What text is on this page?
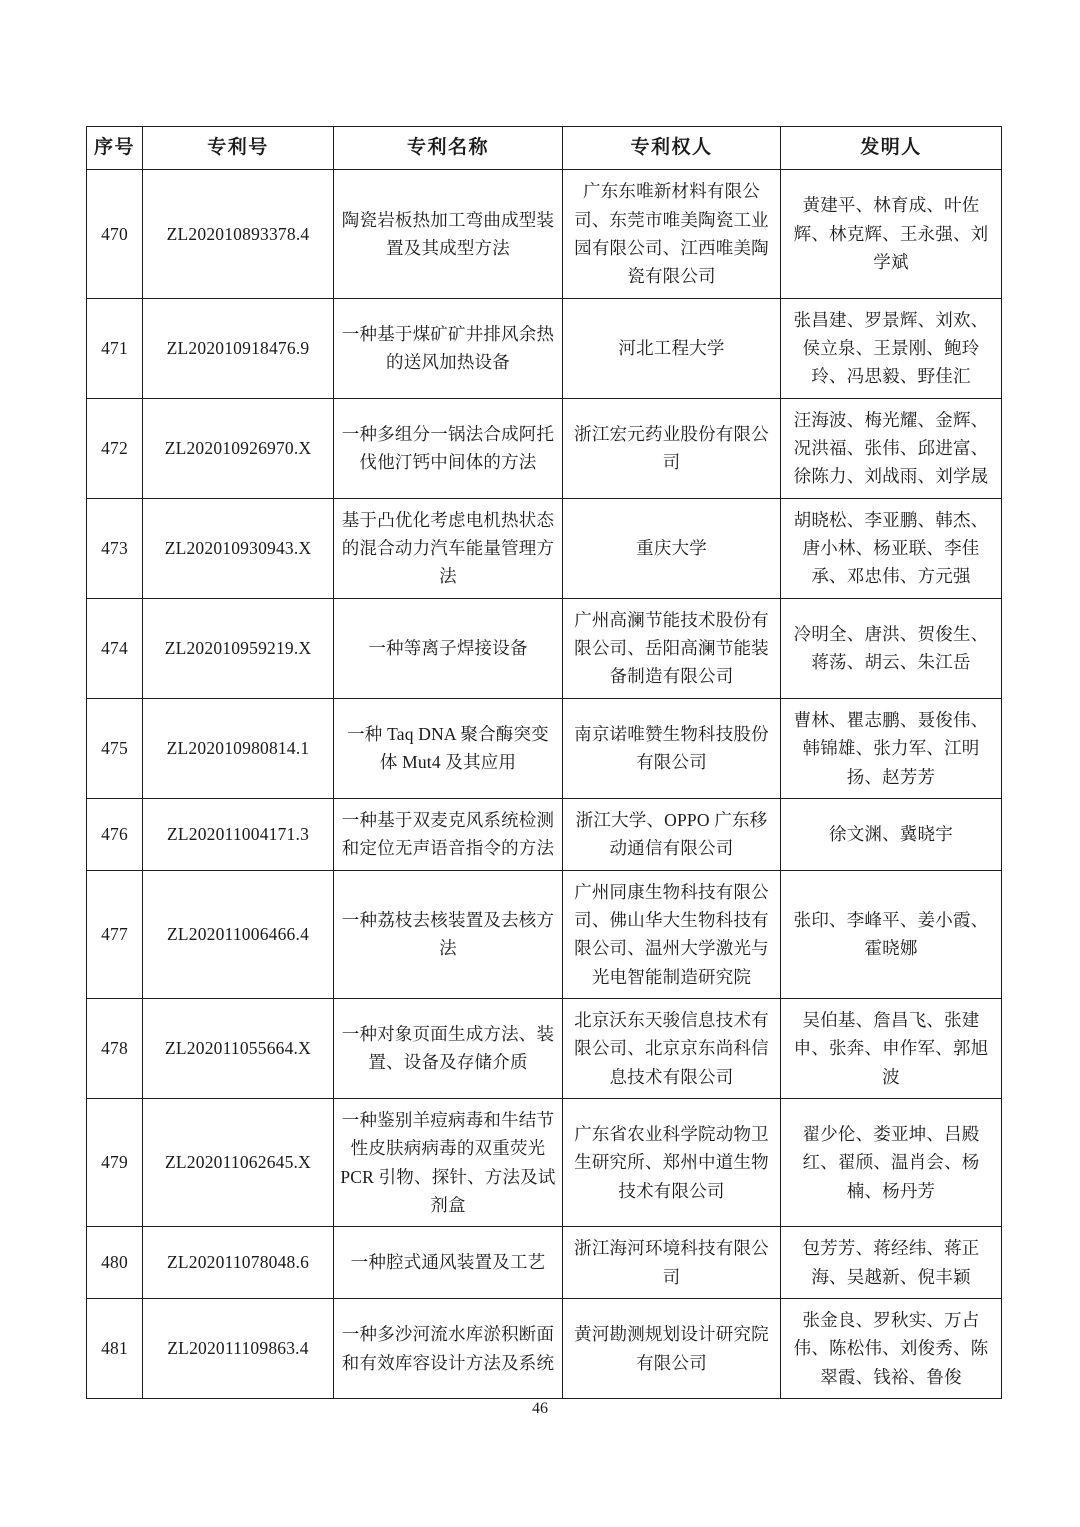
序号	专利号	专利名称	专利权人	发明人
470	ZL202010893378.4	陶瓷岩板热加工弯曲成型装置及其成型方法	广东东唯新材料有限公司、东莞市唯美陶瓷工业园有限公司、江西唯美陶瓷有限公司	黄建平、林育成、叶佐辉、林克辉、王永强、刘学斌
471	ZL202010918476.9	一种基于煤矿矿井排风余热的送风加热设备	河北工程大学	张昌建、罗景辉、刘欢、侯立泉、王景刚、鲍玲玲、冯思毅、野佳汇
472	ZL202010926970.X	一种多组分一锅法合成阿托伐他汀钙中间体的方法	浙江宏元药业股份有限公司	汪海波、梅光耀、金辉、况洪福、张伟、邱进富、徐陈力、刘战雨、刘学晟
473	ZL202010930943.X	基于凸优化考虑电机热状态的混合动力汽车能量管理方法	重庆大学	胡晓松、李亚鹏、韩杰、唐小林、杨亚联、李佳承、邓忠伟、方元强
474	ZL202010959219.X	一种等离子焊接设备	广州高澜节能技术股份有限公司、岳阳高澜节能装备制造有限公司	冷明全、唐洪、贺俊生、蒋荡、胡云、朱江岳
475	ZL202010980814.1	一种 Taq DNA 聚合酶突变体 Mut4 及其应用	南京诺唯赞生物科技股份有限公司	曹林、瞿志鹏、聂俊伟、韩锦雄、张力军、江明扬、赵芳芳
476	ZL202011004171.3	一种基于双麦克风系统检测和定位无声语音指令的方法	浙江大学、OPPO 广东移动通信有限公司	徐文渊、冀晓宇
477	ZL202011006466.4	一种荔枝去核装置及去核方法	广州同康生物科技有限公司、佛山华大生物科技有限公司、温州大学激光与光电智能制造研究院	张印、李峰平、姜小霞、霍晓娜
478	ZL202011055664.X	一种对象页面生成方法、装置、设备及存储介质	北京沃东天骏信息技术有限公司、北京京东尚科信息技术有限公司	吴伯基、詹昌飞、张建申、张奔、申作军、郭旭波
479	ZL202011062645.X	一种鉴别羊痘病毒和牛结节性皮肤病病毒的双重荧光 PCR 引物、探针、方法及试剂盒	广东省农业科学院动物卫生研究所、郑州中道生物技术有限公司	翟少伦、娄亚坤、吕殿红、翟颀、温肖会、杨楠、杨丹芳
480	ZL202011078048.6	一种腔式通风装置及工艺	浙江海河环境科技有限公司	包芳芳、蒋经纬、蒋正海、吴越新、倪丰颖
481	ZL202011109863.4	一种多沙河流水库淤积断面和有效库容设计方法及系统	黄河勘测规划设计研究院有限公司	张金良、罗秋实、万占伟、陈松伟、刘俊秀、陈翠霞、钱裕、鲁俊
46
